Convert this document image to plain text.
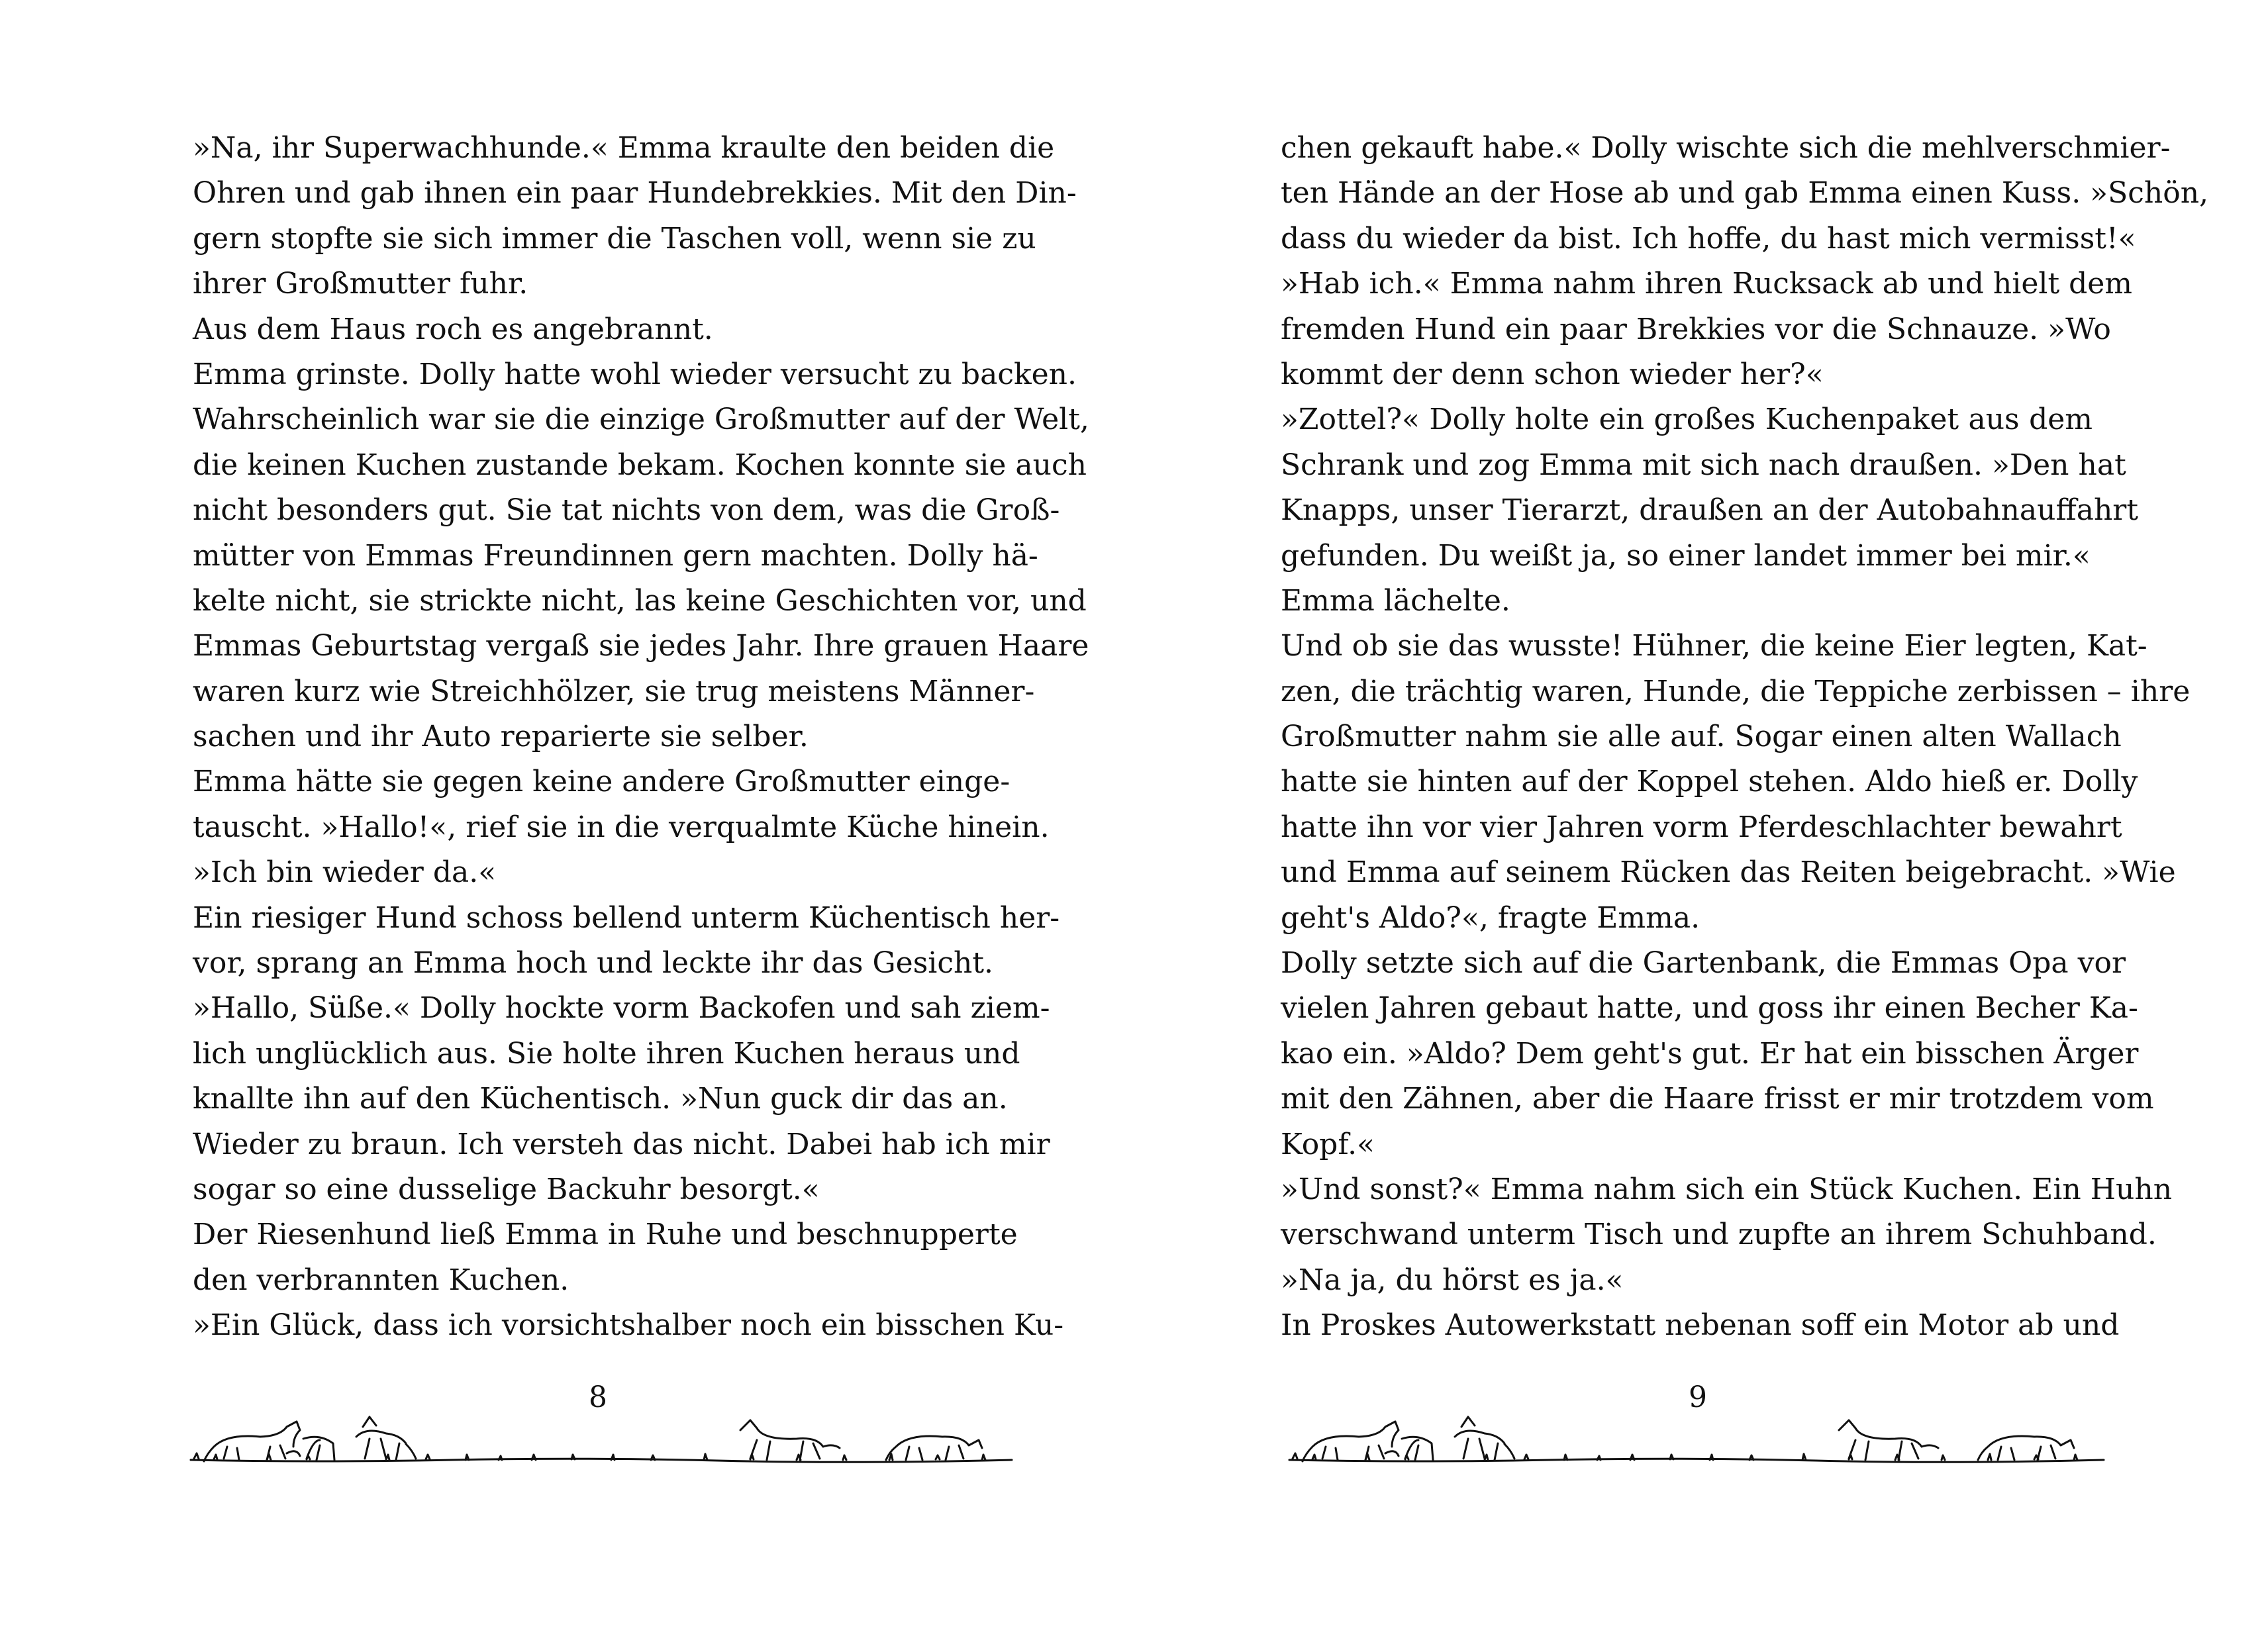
»Na, ihr Superwachhunde.« Emma kraulte den beiden die
Ohren und gab ihnen ein paar Hundebrekkies. Mit den Din-
gern stopfte sie sich immer die Taschen voll, wenn sie zu
ihrer Großmutter fuhr.
Aus dem Haus roch es angebrannt.
Emma grinste. Dolly hatte wohl wieder versucht zu backen.
Wahrscheinlich war sie die einzige Großmutter auf der Welt,
die keinen Kuchen zustande bekam. Kochen konnte sie auch
nicht besonders gut. Sie tat nichts von dem, was die Groß-
mütter von Emmas Freundinnen gern machten. Dolly hä-
kelte nicht, sie strickte nicht, las keine Geschichten vor, und
Emmas Geburtstag vergaß sie jedes Jahr. Ihre grauen Haare
waren kurz wie Streichhölzer, sie trug meistens Männer-
sachen und ihr Auto reparierte sie selber.
Emma hätte sie gegen keine andere Großmutter einge-
tauscht. »Hallo!«, rief sie in die verqualmte Küche hinein.
»Ich bin wieder da.«
Ein riesiger Hund schoss bellend unterm Küchentisch her-
vor, sprang an Emma hoch und leckte ihr das Gesicht.
»Hallo, Süße.« Dolly hockte vorm Backofen und sah ziem-
lich unglücklich aus. Sie holte ihren Kuchen heraus und
knallte ihn auf den Küchentisch. »Nun guck dir das an.
Wieder zu braun. Ich versteh das nicht. Dabei hab ich mir
sogar so eine dusselige Backuhr besorgt.«
Der Riesenhund ließ Emma in Ruhe und beschnupperte
den verbrannten Kuchen.
»Ein Glück, dass ich vorsichtshalber noch ein bisschen Ku-
8
chen gekauft habe.« Dolly wischte sich die mehlverschmier-
ten Hände an der Hose ab und gab Emma einen Kuss. »Schön,
dass du wieder da bist. Ich hoffe, du hast mich vermisst!«
»Hab ich.« Emma nahm ihren Rucksack ab und hielt dem
fremden Hund ein paar Brekkies vor die Schnauze. »Wo
kommt der denn schon wieder her?«
»Zottel?« Dolly holte ein großes Kuchenpaket aus dem
Schrank und zog Emma mit sich nach draußen. »Den hat
Knapps, unser Tierarzt, draußen an der Autobahnauffahrt
gefunden. Du weißt ja, so einer landet immer bei mir.«
Emma lächelte.
Und ob sie das wusste! Hühner, die keine Eier legten, Kat-
zen, die trächtig waren, Hunde, die Teppiche zerbissen – ihre
Großmutter nahm sie alle auf. Sogar einen alten Wallach
hatte sie hinten auf der Koppel stehen. Aldo hieß er. Dolly
hatte ihn vor vier Jahren vorm Pferdeschlachter bewahrt
und Emma auf seinem Rücken das Reiten beigebracht. »Wie
geht's Aldo?«, fragte Emma.
Dolly setzte sich auf die Gartenbank, die Emmas Opa vor
vielen Jahren gebaut hatte, und goss ihr einen Becher Ka-
kao ein. »Aldo? Dem geht's gut. Er hat ein bisschen Ärger
mit den Zähnen, aber die Haare frisst er mir trotzdem vom
Kopf.«
»Und sonst?« Emma nahm sich ein Stück Kuchen. Ein Huhn
verschwand unterm Tisch und zupfte an ihrem Schuhband.
»Na ja, du hörst es ja.«
In Proskes Autowerkstatt nebenan soff ein Motor ab und
9
